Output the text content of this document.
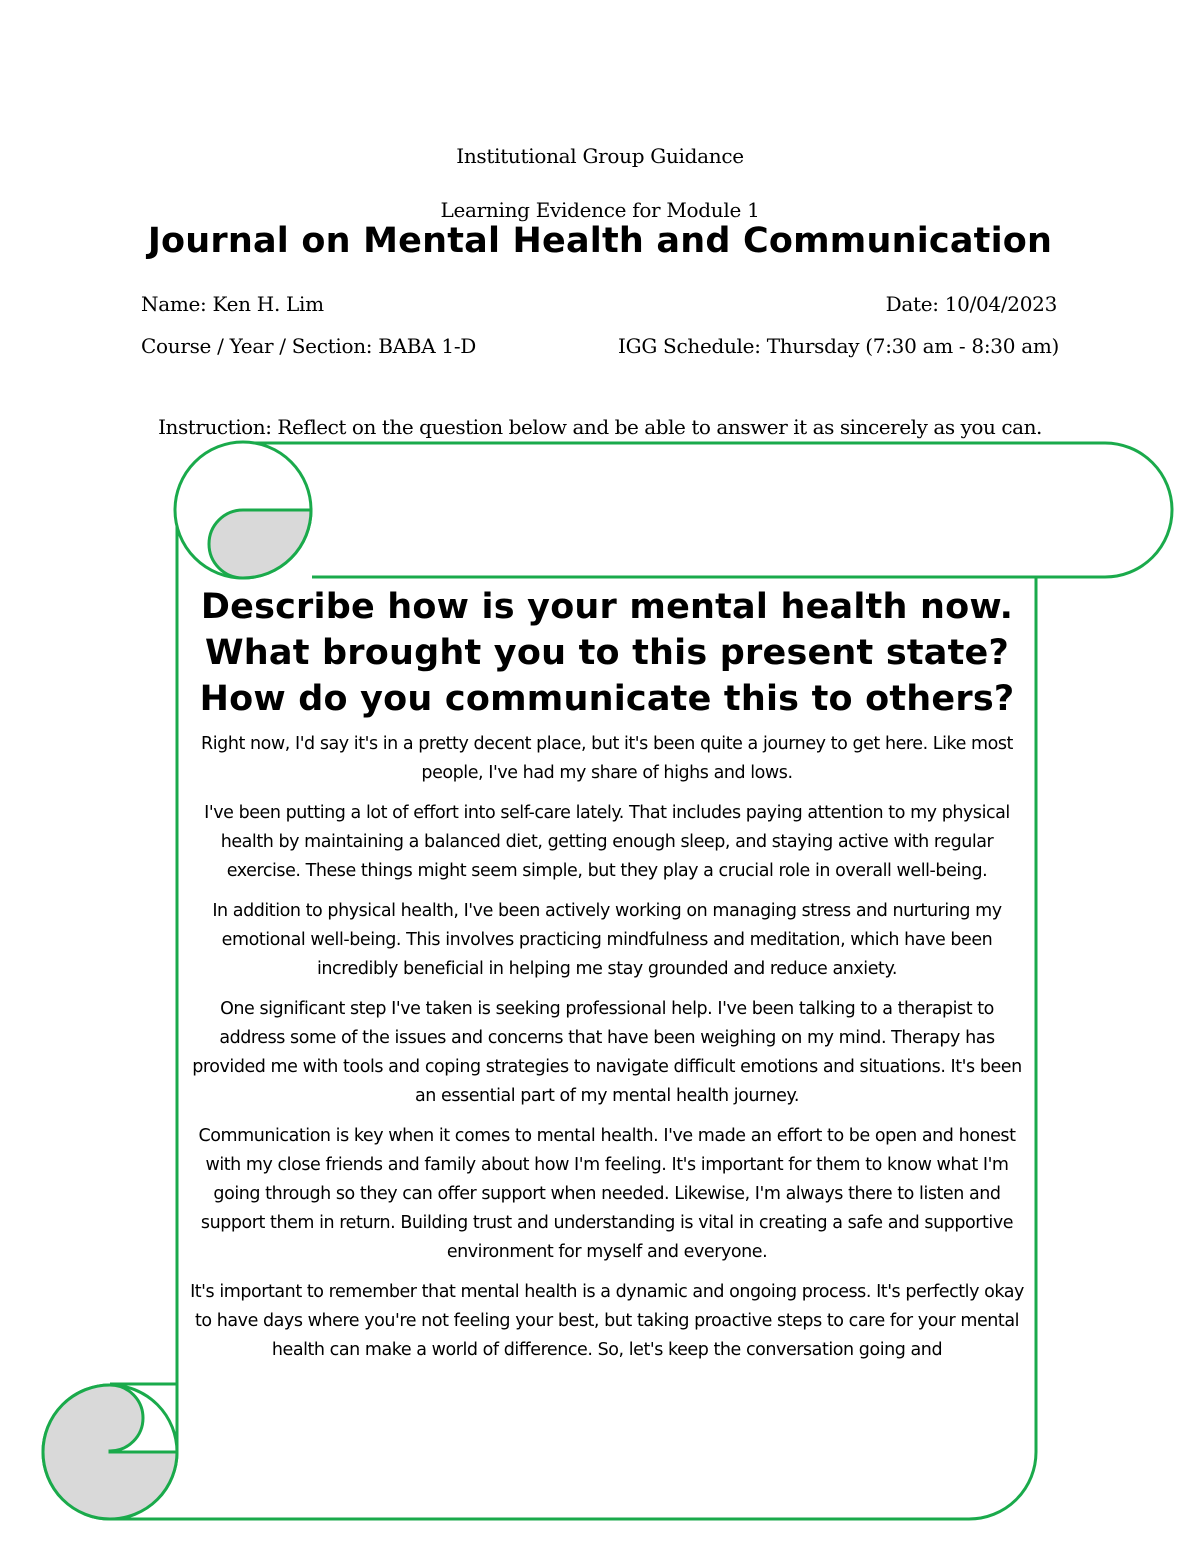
Institutional Group Guidance
Learning Evidence for Module 1
Journal on Mental Health and Communication
Name: Ken H. Lim	Date: 10/04/2023
Course / Year / Section: BABA 1-D	IGG Schedule: Thursday (7:30 am - 8:30 am)
Instruction: Reflect on the question below and be able to answer it as sincerely as you can.
Describe how is your mental health now. What brought you to this present state? How do you communicate this to others?

Right now, I'd say it's in a pretty decent place, but it's been quite a journey to get here. Like most people, I've had my share of highs and lows.

I've been putting a lot of effort into self-care lately. That includes paying attention to my physical health by maintaining a balanced diet, getting enough sleep, and staying active with regular exercise. These things might seem simple, but they play a crucial role in overall well-being.

In addition to physical health, I've been actively working on managing stress and nurturing my emotional well-being. This involves practicing mindfulness and meditation, which have been incredibly beneficial in helping me stay grounded and reduce anxiety.

One significant step I've taken is seeking professional help. I've been talking to a therapist to address some of the issues and concerns that have been weighing on my mind. Therapy has provided me with tools and coping strategies to navigate difficult emotions and situations. It's been an essential part of my mental health journey.

Communication is key when it comes to mental health. I've made an effort to be open and honest with my close friends and family about how I'm feeling. It's important for them to know what I'm going through so they can offer support when needed. Likewise, I'm always there to listen and support them in return. Building trust and understanding is vital in creating a safe and supportive environment for myself and everyone.

It's important to remember that mental health is a dynamic and ongoing process. It's perfectly okay to have days where you're not feeling your best, but taking proactive steps to care for your mental health can make a world of difference. So, let's keep the conversation going and
